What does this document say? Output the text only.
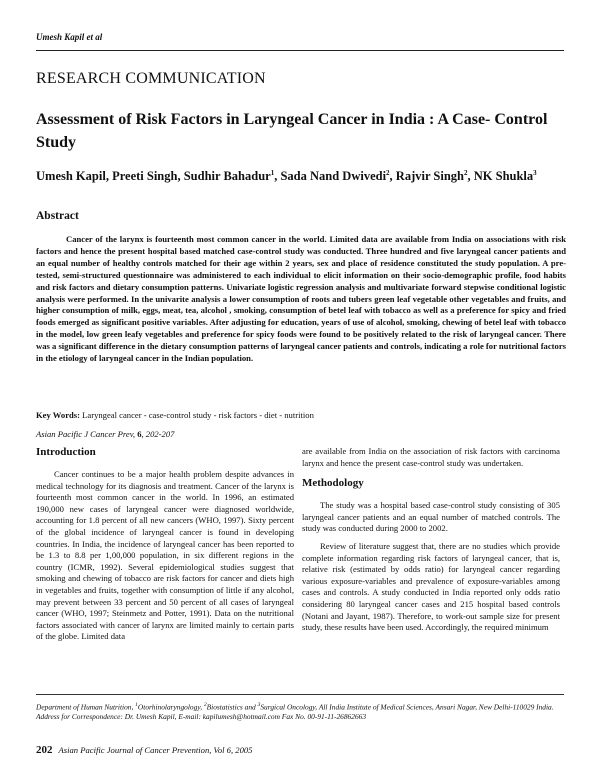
Umesh Kapil et al
RESEARCH COMMUNICATION
Assessment of Risk Factors in Laryngeal Cancer in India : A Case- Control Study
Umesh Kapil, Preeti Singh, Sudhir Bahadur$^1$, Sada Nand Dwivedi$^2$, Rajvir Singh$^2$, NK Shukla$^3$
Abstract

Cancer of the larynx is fourteenth most common cancer in the world. Limited data are available from India on associations with risk factors and hence the present hospital based matched case-control study was conducted. Three hundred and five laryngeal cancer patients and an equal number of healthy controls matched for their age within 2 years, sex and place of residence constituted the study population. A pre-tested, semi-structured questionnaire was administered to each individual to elicit information on their socio-demographic profile, food habits and risk factors and dietary consumption patterns. Univariate logistic regression analysis and multivariate forward stepwise conditional logistic analysis were performed. In the univarite analysis a lower consumption of roots and tubers green leaf vegetable other vegetables and fruits, and higher consumption of milk, eggs, meat, tea, alcohol , smoking, consumption of betel leaf with tobacco as well as a preference for spicy and fried foods emerged as significant positive variables. After adjusting for education, years of use of alcohol, smoking, chewing of betel leaf with tobacco in the model, low green leafy vegetables and preference for spicy foods were found to be positively related to the risk of laryngeal cancer. There was a significant difference in the dietary consumption patterns of laryngeal cancer patients and controls, indicating a role for nutritional factors in the etiology of laryngeal cancer in the Indian population.

Key Words: Laryngeal cancer - case-control study - risk factors - diet - nutrition
Asian Pacific J Cancer Prev, 6, 202-207
Introduction

Cancer continues to be a major health problem despite advances in medical technology for its diagnosis and treatment. Cancer of the larynx is fourteenth most common cancer in the world. In 1996, an estimated 190,000 new cases of laryngeal cancer were diagnosed worldwide, accounting for 1.8 percent of all new cancers (WHO, 1997). Sixty percent of the global incidence of laryngeal cancer is found in developing countries. In India, the incidence of laryngeal cancer has been reported to be 1.3 to 8.8 per 1,00,000 population, in six different regions in the country (ICMR, 1992). Several epidemiological studies suggest that smoking and chewing of tobacco are risk factors for cancer and diets high in vegetables and fruits, together with consumption of little if any alcohol, may prevent between 33 percent and 50 percent of all cases of laryngeal cancer (WHO, 1997; Steinmetz and Potter, 1991). Data on the nutritional factors associated with cancer of larynx are limited mainly to certain parts of the globe. Limited data

are available from India on the association of risk factors with carcinoma larynx and hence the present case-control study was undertaken.

Methodology

The study was a hospital based case-control study consisting of 305 laryngeal cancer patients and an equal number of matched controls. The study was conducted during 2000 to 2002.

Review of literature suggest that, there are no studies which provide complete information regarding risk factors of laryngeal cancer, that is, relative risk (estimated by odds ratio) for laryngeal cancer regarding various exposure-variables and prevalence of exposure-variables among cases and controls. A study conducted in India reported only odds ratio considering 80 laryngeal cancer cases and 215 hospital based controls (Notani and Jayant, 1987). Therefore, to work-out sample size for present study, these results have been used. Accordingly, the required minimum

Department of Human Nutrition, $^1$Otorhinolaryngology, $^2$Biostatistics and $^3$Surgical Oncology, All India Institute of Medical Sciences, Ansari Nagar, New Delhi-110029 India. Address for Correspondence: Dr. Umesh Kapil, E-mail: kapilumesh@hotmail.com Fax No. 00-91-11-26862663
202 Asian Pacific Journal of Cancer Prevention, Vol 6, 2005
